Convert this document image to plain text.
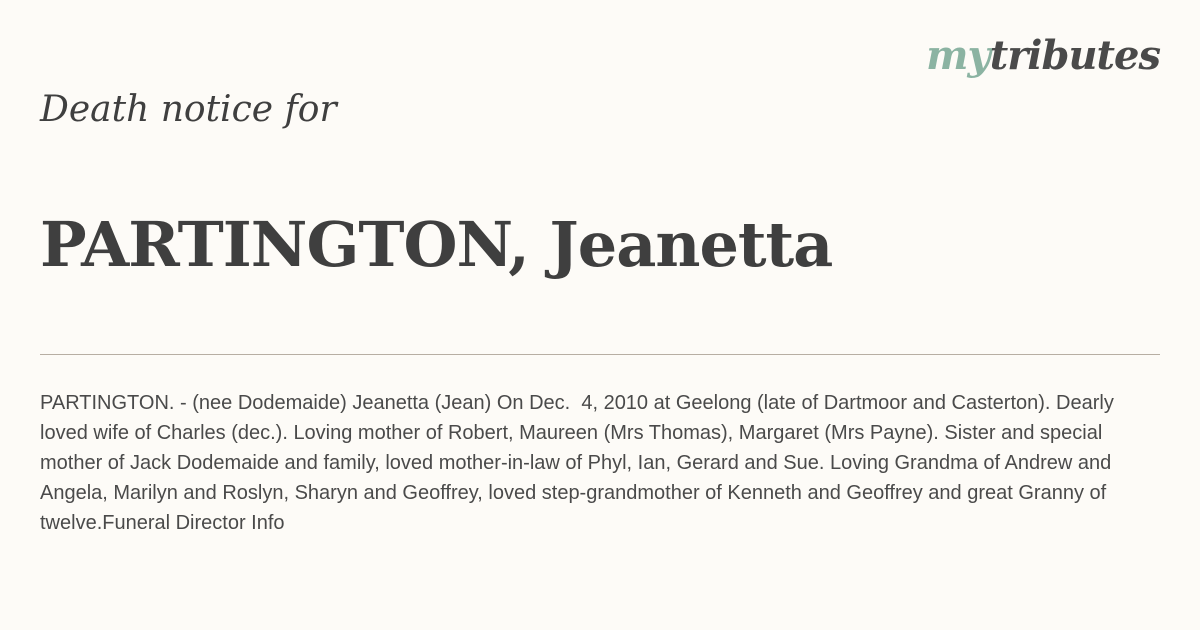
mytributes
Death notice for
PARTINGTON, Jeanetta
PARTINGTON. - (nee Dodemaide) Jeanetta (Jean) On Dec.  4, 2010 at Geelong (late of Dartmoor and Casterton). Dearly loved wife of Charles (dec.). Loving mother of Robert, Maureen (Mrs Thomas), Margaret (Mrs Payne). Sister and special mother of Jack Dodemaide and family, loved mother-in-law of Phyl, Ian, Gerard and Sue. Loving Grandma of Andrew and Angela, Marilyn and Roslyn, Sharyn and Geoffrey, loved step-grandmother of Kenneth and Geoffrey and great Granny of twelve.Funeral Director Info
